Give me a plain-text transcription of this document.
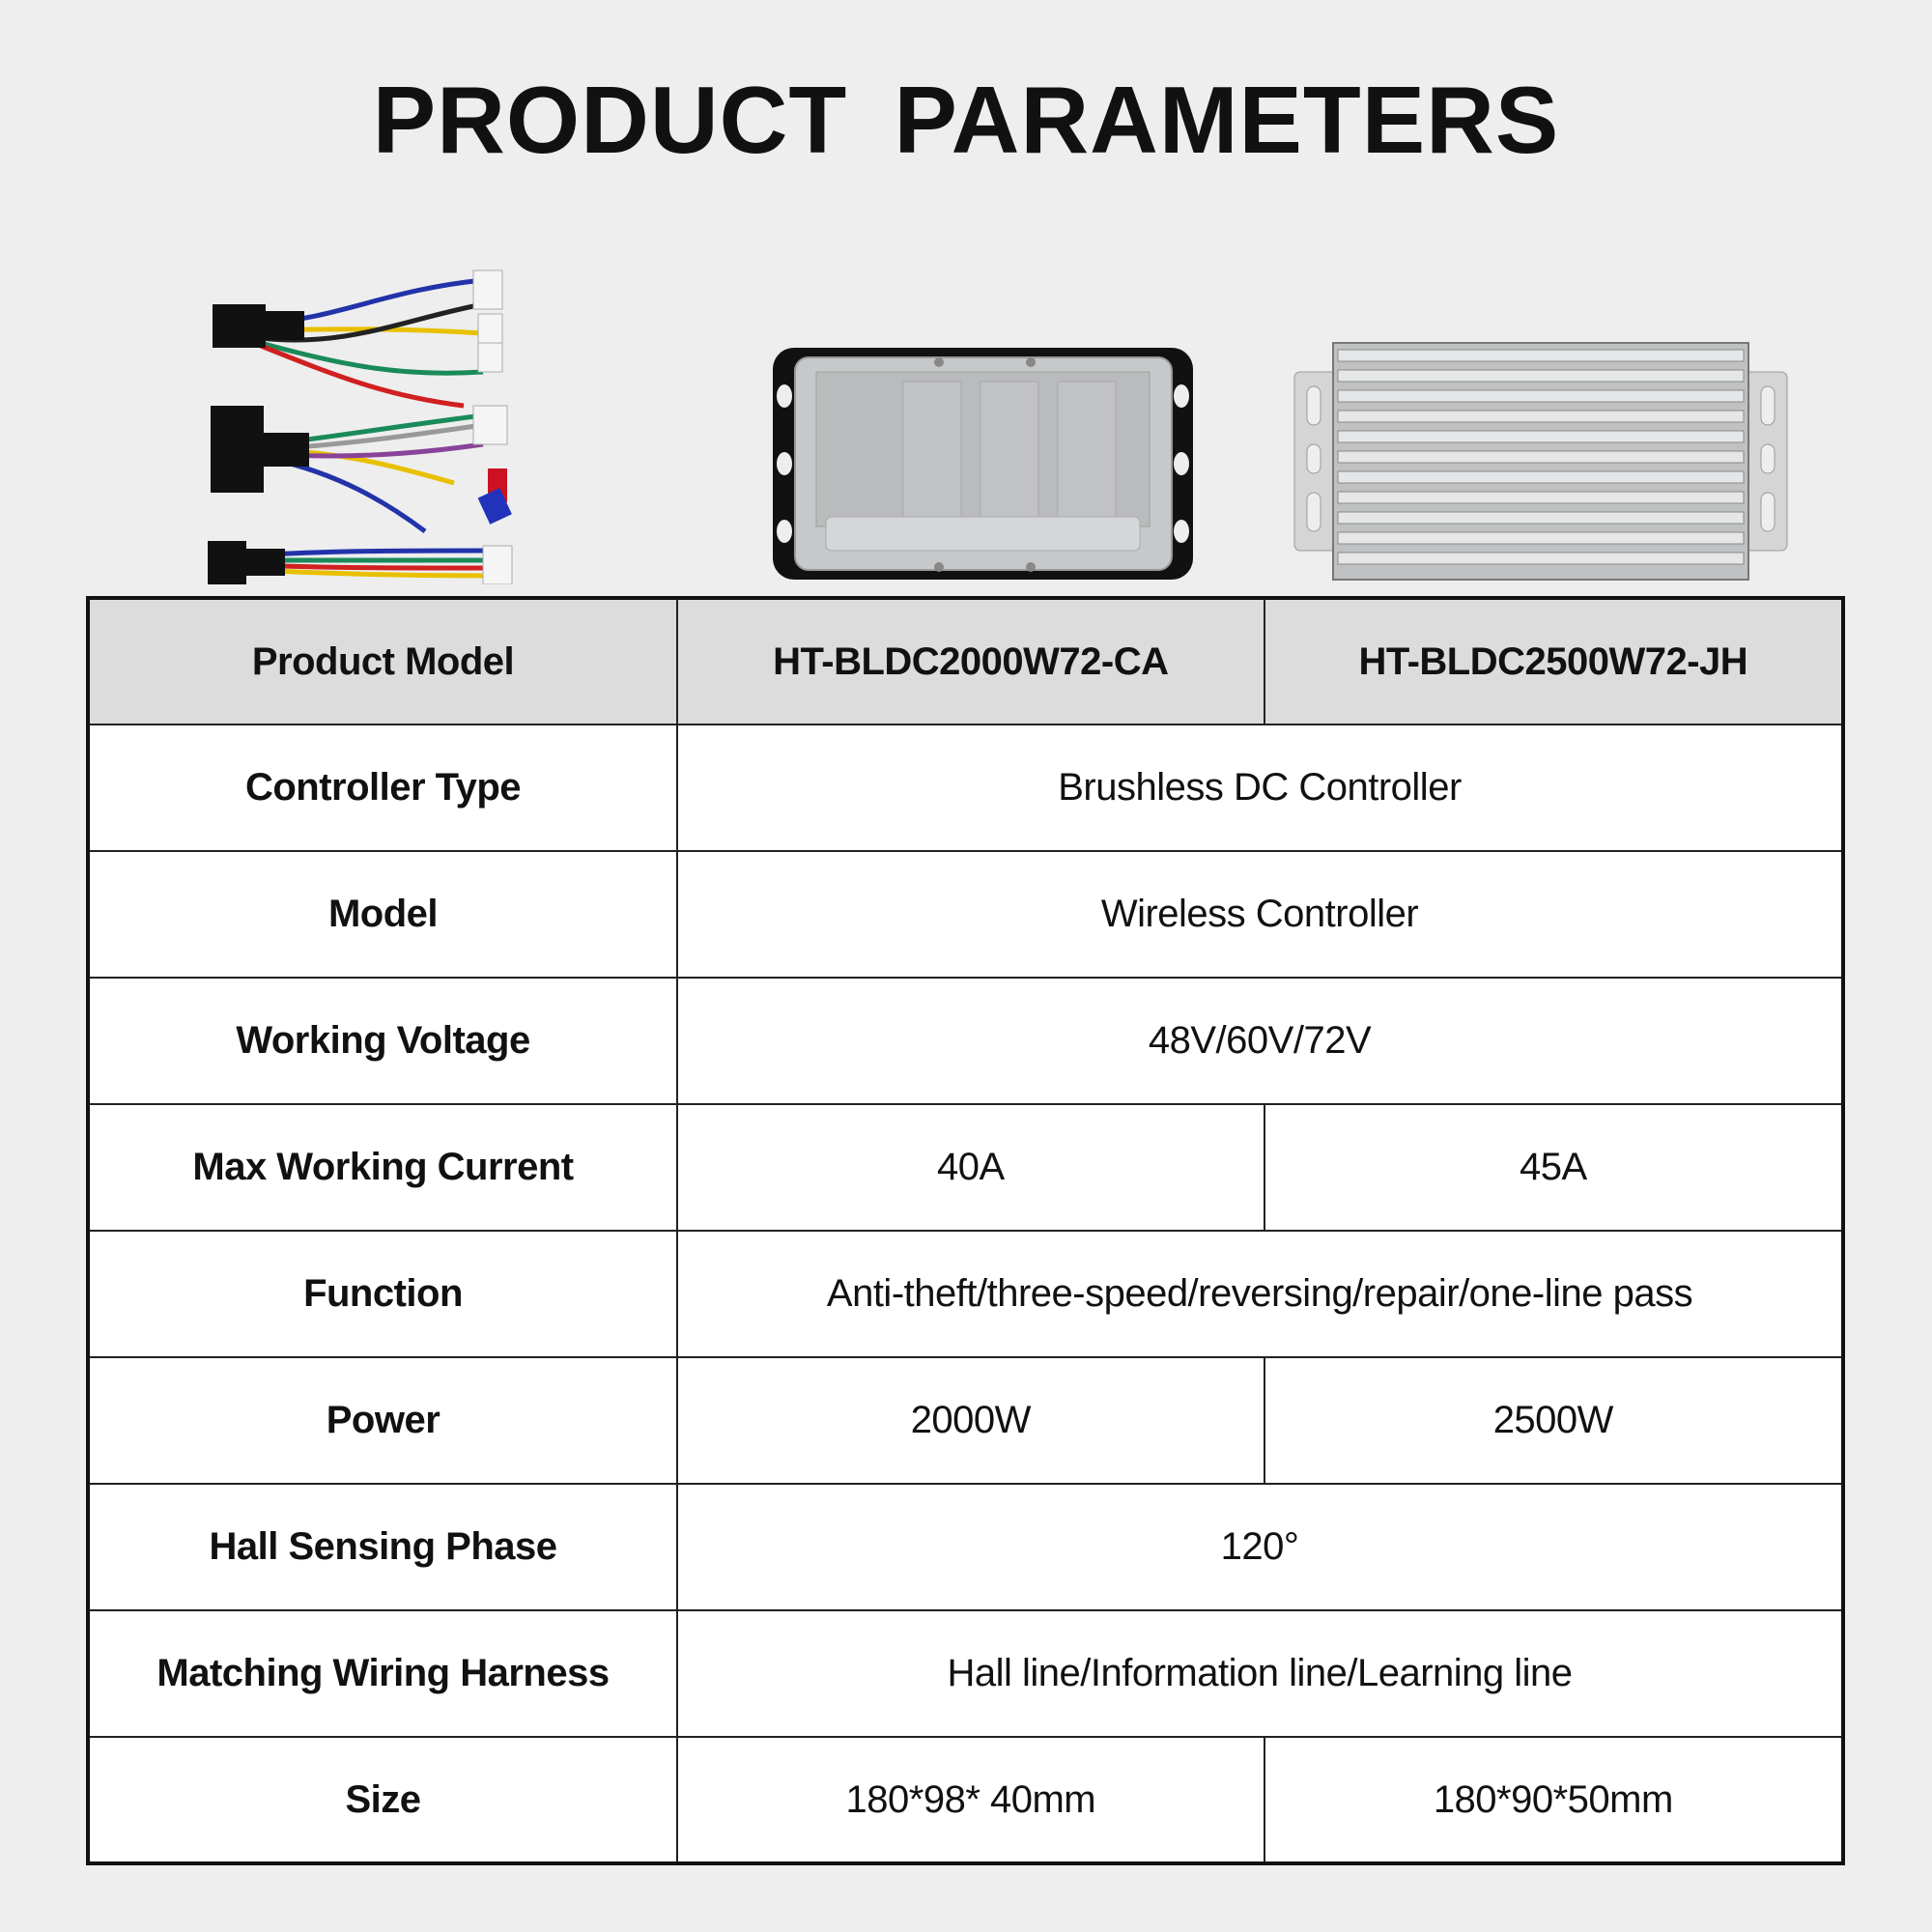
PRODUCT PARAMETERS
Product Model	HT-BLDC2000W72-CA	HT-BLDC2500W72-JH
Controller Type	Brushless DC Controller	
Model	Wireless Controller	
Working Voltage	48V/60V/72V	
Max Working Current	40A	45A
Function	Anti-theft/three-speed/reversing/repair/one-line pass	
Power	2000W	2500W
Hall Sensing Phase	120°	
Matching Wiring Harness	Hall line/Information line/Learning line	
Size	180*98* 40mm	180*90*50mm
